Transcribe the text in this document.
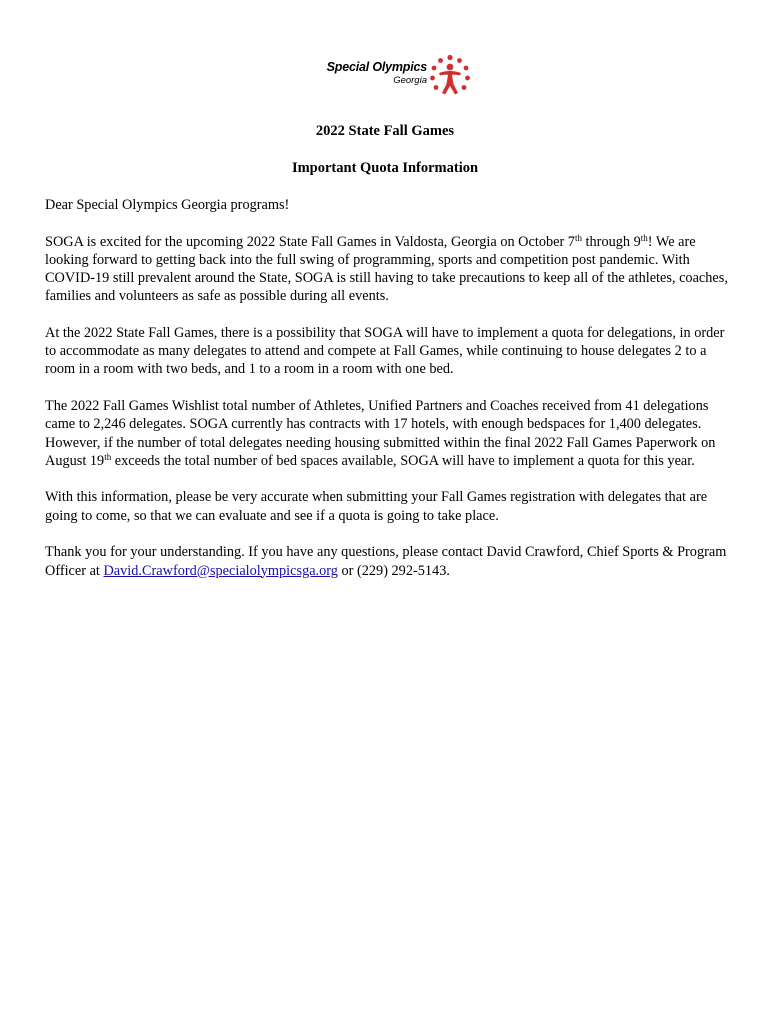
Special Olympics
Georgia
2022 State Fall Games
Important Quota Information

Dear Special Olympics Georgia programs!

SOGA is excited for the upcoming 2022 State Fall Games in Valdosta, Georgia on October 7th through 9th! We are looking forward to getting back into the full swing of programming, sports and competition post pandemic. With COVID-19 still prevalent around the State, SOGA is still having to take precautions to keep all of the athletes, coaches, families and volunteers as safe as possible during all events.

At the 2022 State Fall Games, there is a possibility that SOGA will have to implement a quota for delegations, in order to accommodate as many delegates to attend and compete at Fall Games, while continuing to house delegates 2 to a room in a room with two beds, and 1 to a room in a room with one bed.

The 2022 Fall Games Wishlist total number of Athletes, Unified Partners and Coaches received from 41 delegations came to 2,246 delegates. SOGA currently has contracts with 17 hotels, with enough bedspaces for 1,400 delegates. However, if the number of total delegates needing housing submitted within the final 2022 Fall Games Paperwork on August 19th exceeds the total number of bed spaces available, SOGA will have to implement a quota for this year.

With this information, please be very accurate when submitting your Fall Games registration with delegates that are going to come, so that we can evaluate and see if a quota is going to take place.

Thank you for your understanding. If you have any questions, please contact David Crawford, Chief Sports & Program Officer at David.Crawford@specialolympicsga.org or (229) 292-5143.
